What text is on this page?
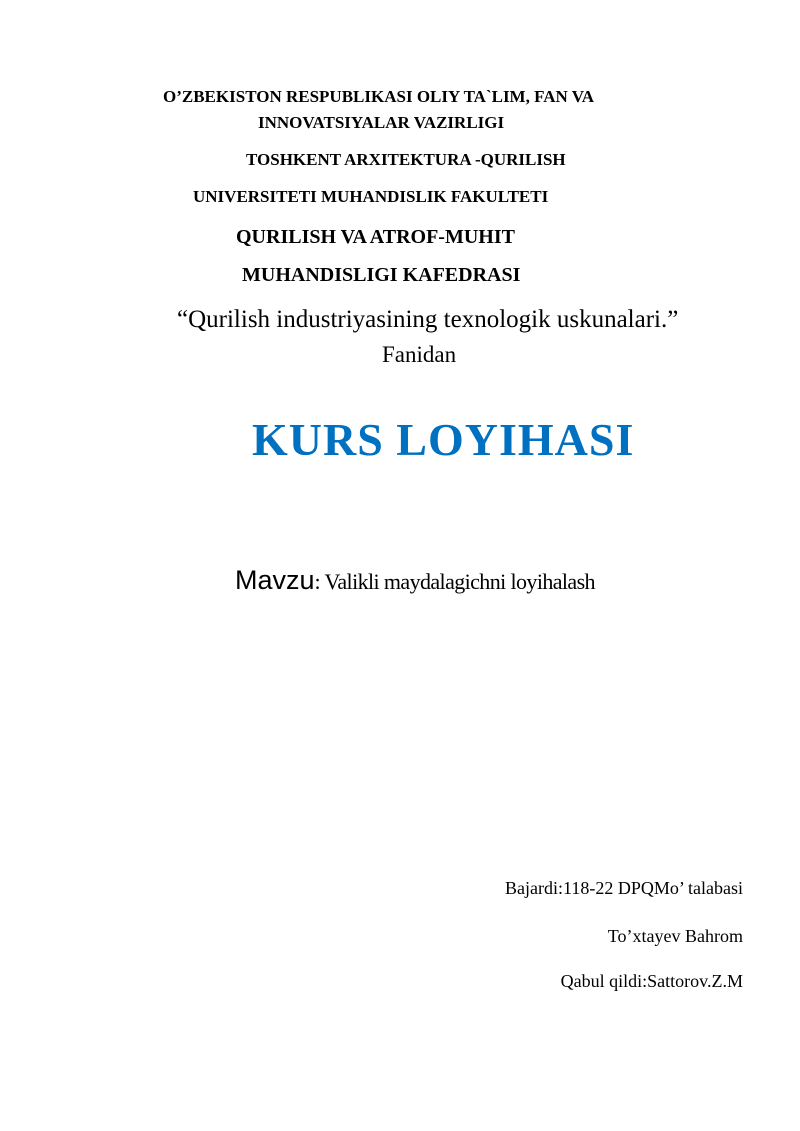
O’ZBEKISTON RESPUBLIKASI OLIY TA`LIM, FAN VA
INNOVATSIYALAR VAZIRLIGI
TOSHKENT ARXITEKTURA -QURILISH
UNIVERSITETI MUHANDISLIK FAKULTETI
QURILISH VA ATROF-MUHIT
MUHANDISLIGI KAFEDRASI
“Qurilish industriyasining texnologik uskunalari.”
Fanidan
KURS LOYIHASI
Mavzu: Valikli maydalagichni loyihalash
Bajardi:118-22 DPQMo’ talabasi
To’xtayev Bahrom
Qabul qildi:Sattorov.Z.M
